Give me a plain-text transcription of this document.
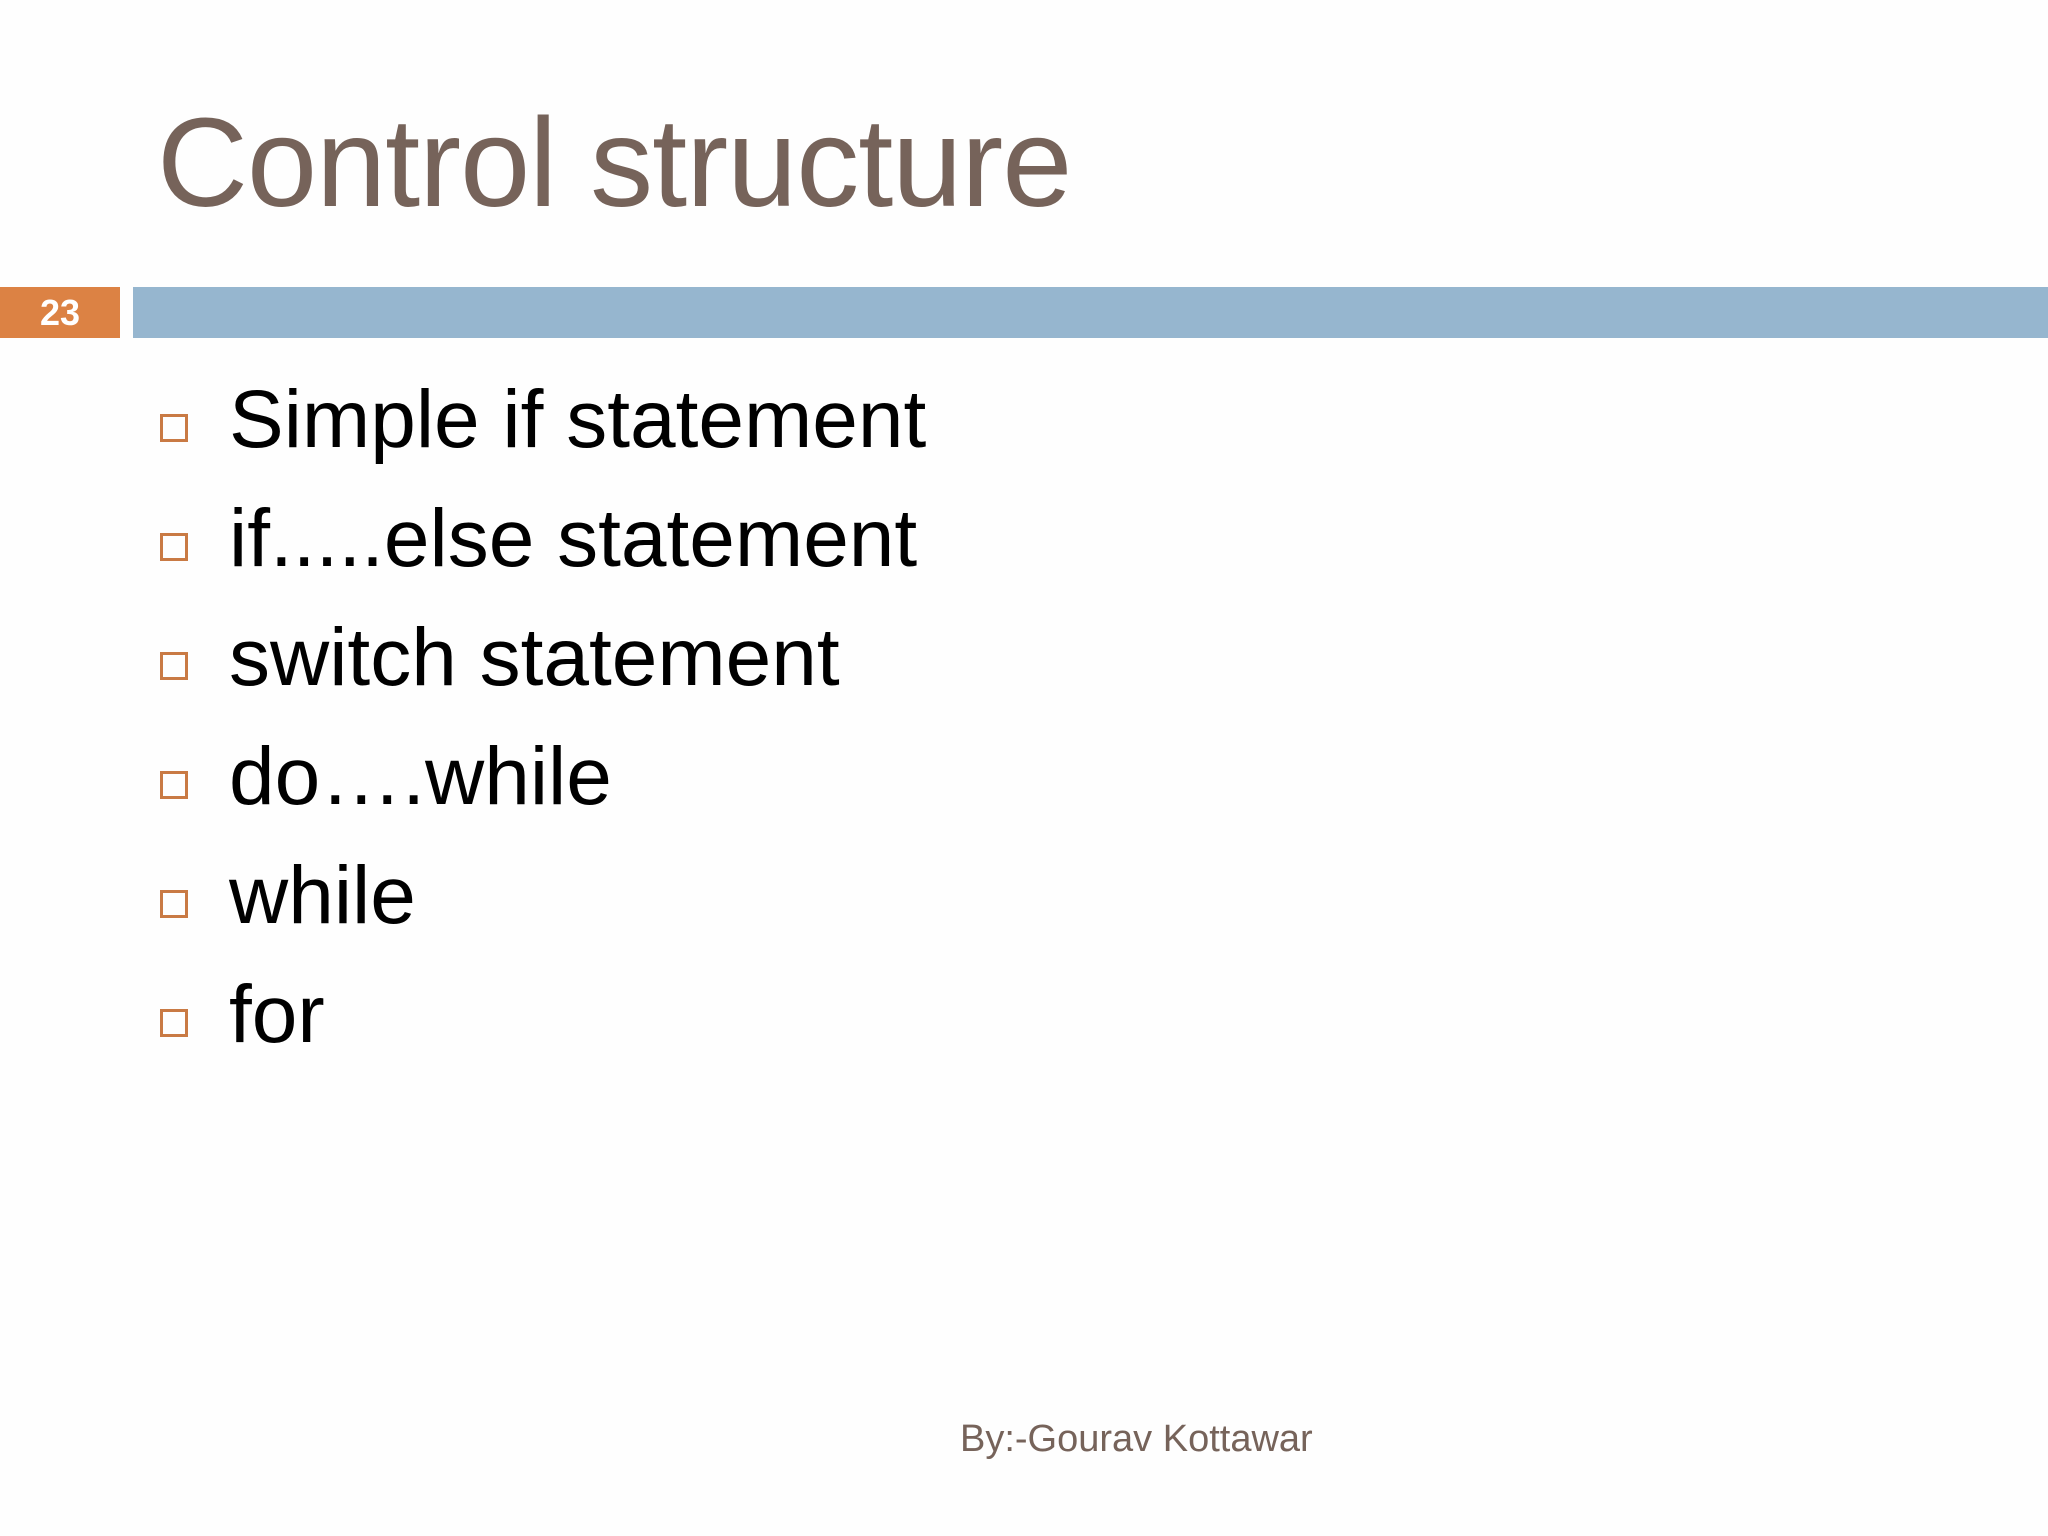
Control structure
23
Simple if statement
if.....else statement
switch statement
do….while
while
for
By:-Gourav Kottawar
